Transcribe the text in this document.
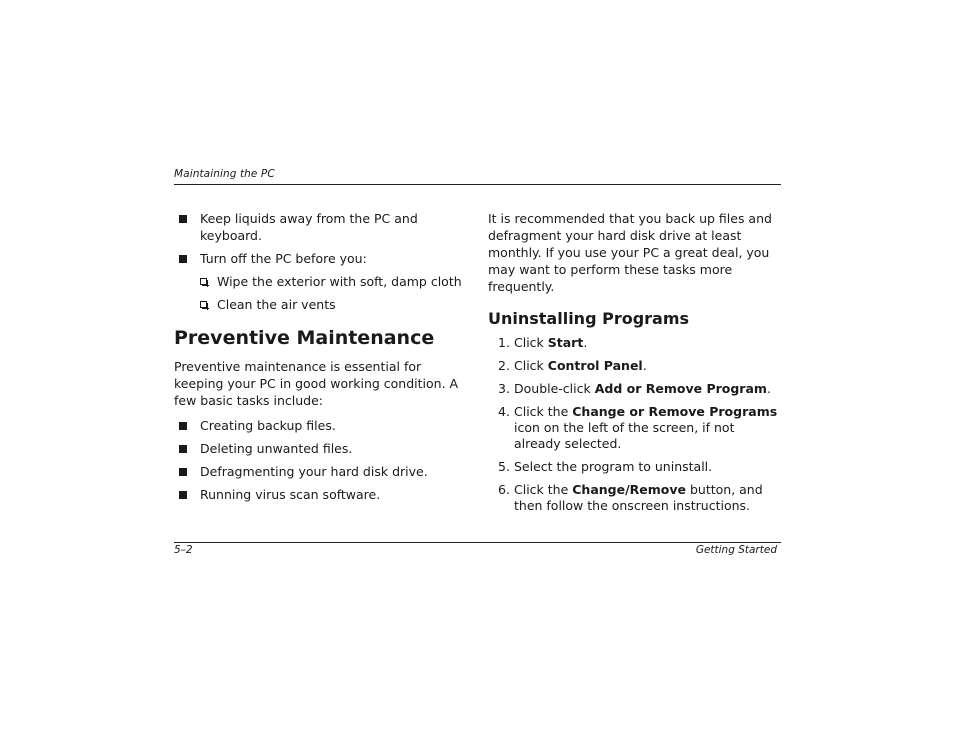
Maintaining the PC
Keep liquids away from the PC and keyboard.
Turn off the PC before you:
Wipe the exterior with soft, damp cloth
Clean the air vents
Preventive Maintenance

Preventive maintenance is essential for keeping your PC in good working condition. A few basic tasks include:

Creating backup files.
Deleting unwanted files.
Defragmenting your hard disk drive.
Running virus scan software.

It is recommended that you back up files and defragment your hard disk drive at least monthly. If you use your PC a great deal, you may want to perform these tasks more frequently.

Uninstalling Programs
1. Click Start.
2. Click Control Panel.
3. Double-click Add or Remove Program.
4. Click the Change or Remove Programs icon on the left of the screen, if not already selected.
5. Select the program to uninstall.
6. Click the Change/Remove button, and then follow the onscreen instructions.
5–2	Getting Started
